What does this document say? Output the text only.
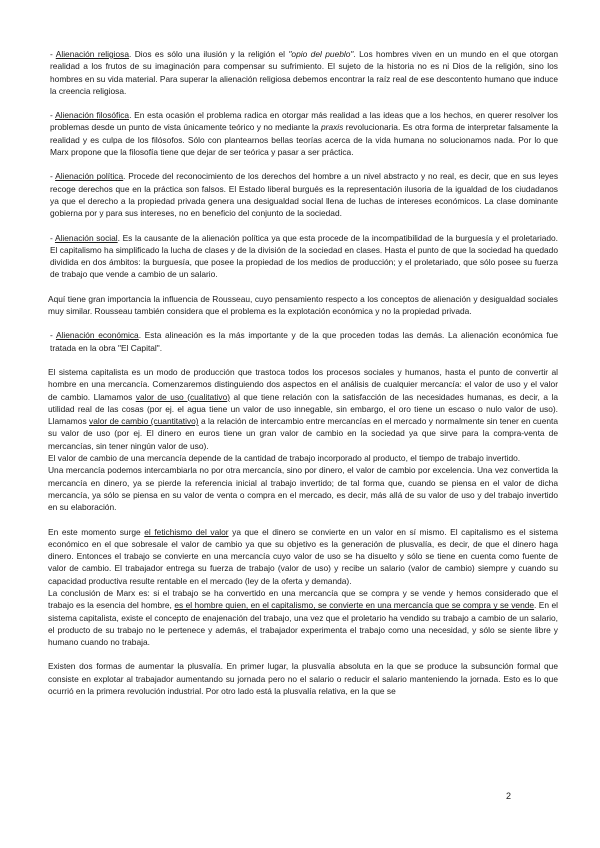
- Alienación religiosa. Dios es sólo una ilusión y la religión el "opio del pueblo". Los hombres viven en un mundo en el que otorgan realidad a los frutos de su imaginación para compensar su sufrimiento. El sujeto de la historia no es ni Dios de la religión, sino los hombres en su vida material. Para superar la alienación religiosa debemos encontrar la raíz real de ese descontento humano que induce la creencia religiosa.

- Alienación filosófica. En esta ocasión el problema radica en otorgar más realidad a las ideas que a los hechos, en querer resolver los problemas desde un punto de vista únicamente teórico y no mediante la praxis revolucionaria. Es otra forma de interpretar falsamente la realidad y es culpa de los filósofos. Sólo con plantearnos bellas teorías acerca de la vida humana no solucionamos nada. Por lo que Marx propone que la filosofía tiene que dejar de ser teórica y pasar a ser práctica.

- Alienación política. Procede del reconocimiento de los derechos del hombre a un nivel abstracto y no real, es decir, que en sus leyes recoge derechos que en la práctica son falsos. El Estado liberal burgués es la representación ilusoria de la igualdad de los ciudadanos ya que el derecho a la propiedad privada genera una desigualdad social llena de luchas de intereses económicos. La clase dominante gobierna por y para sus intereses, no en beneficio del conjunto de la sociedad.

- Alienación social. Es la causante de la alienación política ya que esta procede de la incompatibilidad de la burguesía y el proletariado. El capitalismo ha simplificado la lucha de clases y de la división de la sociedad en clases. Hasta el punto de que la sociedad ha quedado dividida en dos ámbitos: la burguesía, que posee la propiedad de los medios de producción; y el proletariado, que sólo posee su fuerza de trabajo que vende a cambio de un salario.

Aquí tiene gran importancia la influencia de Rousseau, cuyo pensamiento respecto a los conceptos de alienación y desigualdad sociales muy similar. Rousseau también considera que el problema es la explotación económica y no la propiedad privada.

- Alienación económica. Esta alineación es la más importante y de la que proceden todas las demás. La alienación económica fue tratada en la obra "El Capital".

El sistema capitalista es un modo de producción que trastoca todos los procesos sociales y humanos, hasta el punto de convertir al hombre en una mercancía. Comenzaremos distinguiendo dos aspectos en el análisis de cualquier mercancía: el valor de uso y el valor de cambio. Llamamos valor de uso (cualitativo) al que tiene relación con la satisfacción de las necesidades humanas, es decir, a la utilidad real de las cosas (por ej. el agua tiene un valor de uso innegable, sin embargo, el oro tiene un escaso o nulo valor de uso). Llamamos valor de cambio (cuantitativo) a la relación de intercambio entre mercancías en el mercado y normalmente sin tener en cuenta su valor de uso (por ej. El dinero en euros tiene un gran valor de cambio en la sociedad ya que sirve para la compra-venta de mercancías, sin tener ningún valor de uso).

El valor de cambio de una mercancía depende de la cantidad de trabajo incorporado al producto, el tiempo de trabajo invertido.

Una mercancía podemos intercambiarla no por otra mercancía, sino por dinero, el valor de cambio por excelencia. Una vez convertida la mercancía en dinero, ya se pierde la referencia inicial al trabajo invertido; de tal forma que, cuando se piensa en el valor de dicha mercancía, ya sólo se piensa en su valor de venta o compra en el mercado, es decir, más allá de su valor de uso y del trabajo invertido en su elaboración.

En este momento surge el fetichismo del valor ya que el dinero se convierte en un valor en sí mismo. El capitalismo es el sistema económico en el que sobresale el valor de cambio ya que su objetivo es la generación de plusvalía, es decir, de que el dinero haga dinero. Entonces el trabajo se convierte en una mercancía cuyo valor de uso se ha disuelto y sólo se tiene en cuenta como fuente de valor de cambio. El trabajador entrega su fuerza de trabajo (valor de uso) y recibe un salario (valor de cambio) siempre y cuando su capacidad productiva resulte rentable en el mercado (ley de la oferta y demanda).

La conclusión de Marx es: si el trabajo se ha convertido en una mercancía que se compra y se vende y hemos considerado que el trabajo es la esencia del hombre, es el hombre quien, en el capitalismo, se convierte en una mercancía que se compra y se vende. En el sistema capitalista, existe el concepto de enajenación del trabajo, una vez que el proletario ha vendido su trabajo a cambio de un salario, el producto de su trabajo no le pertenece y además, el trabajador experimenta el trabajo como una necesidad, y sólo se siente libre y humano cuando no trabaja.

Existen dos formas de aumentar la plusvalía. En primer lugar, la plusvalía absoluta en la que se produce la subsunción formal que consiste en explotar al trabajador aumentando su jornada pero no el salario o reducir el salario manteniendo la jornada. Esto es lo que ocurrió en la primera revolución industrial. Por otro lado está la plusvalía relativa, en la que se

2
